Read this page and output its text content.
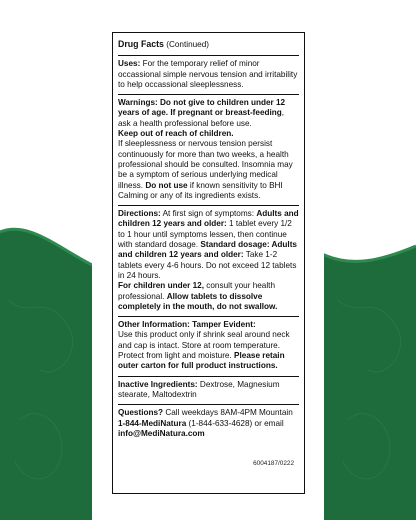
Drug Facts (Continued)
Uses: For the temporary relief of minor occassional simple nervous tension and irritability to help occassional sleeplessness.
Warnings: Do not give to children under 12 years of age. If pregnant or breast-feeding, ask a health professional before use.
Keep out of reach of children.
If sleeplessness or nervous tension persist continuously for more than two weeks, a health professional should be consulted. Insomnia may be a symptom of serious underlying medical illness. Do not use if known sensitivity to BHI Calming or any of its ingredients exists.
Directions: At first sign of symptoms: Adults and children 12 years and older: 1 tablet every 1/2 to 1 hour until symptoms lessen, then continue with standard dosage. Standard dosage: Adults and children 12 years and older: Take 1-2 tablets every 4-6 hours. Do not exceed 12 tablets in 24 hours.
For children under 12, consult your health professional. Allow tablets to dissolve completely in the mouth, do not swallow.
Other Information: Tamper Evident:
Use this product only if shrink seal around neck and cap is intact. Store at room temperature. Protect from light and moisture. Please retain outer carton for full product instructions.
Inactive Ingredients: Dextrose, Magnesium stearate, Maltodextrin
Questions? Call weekdays 8AM-4PM Mountain
1-844-MediNatura (1-844-633-4628) or email
info@MediNatura.com
6004187/0222
